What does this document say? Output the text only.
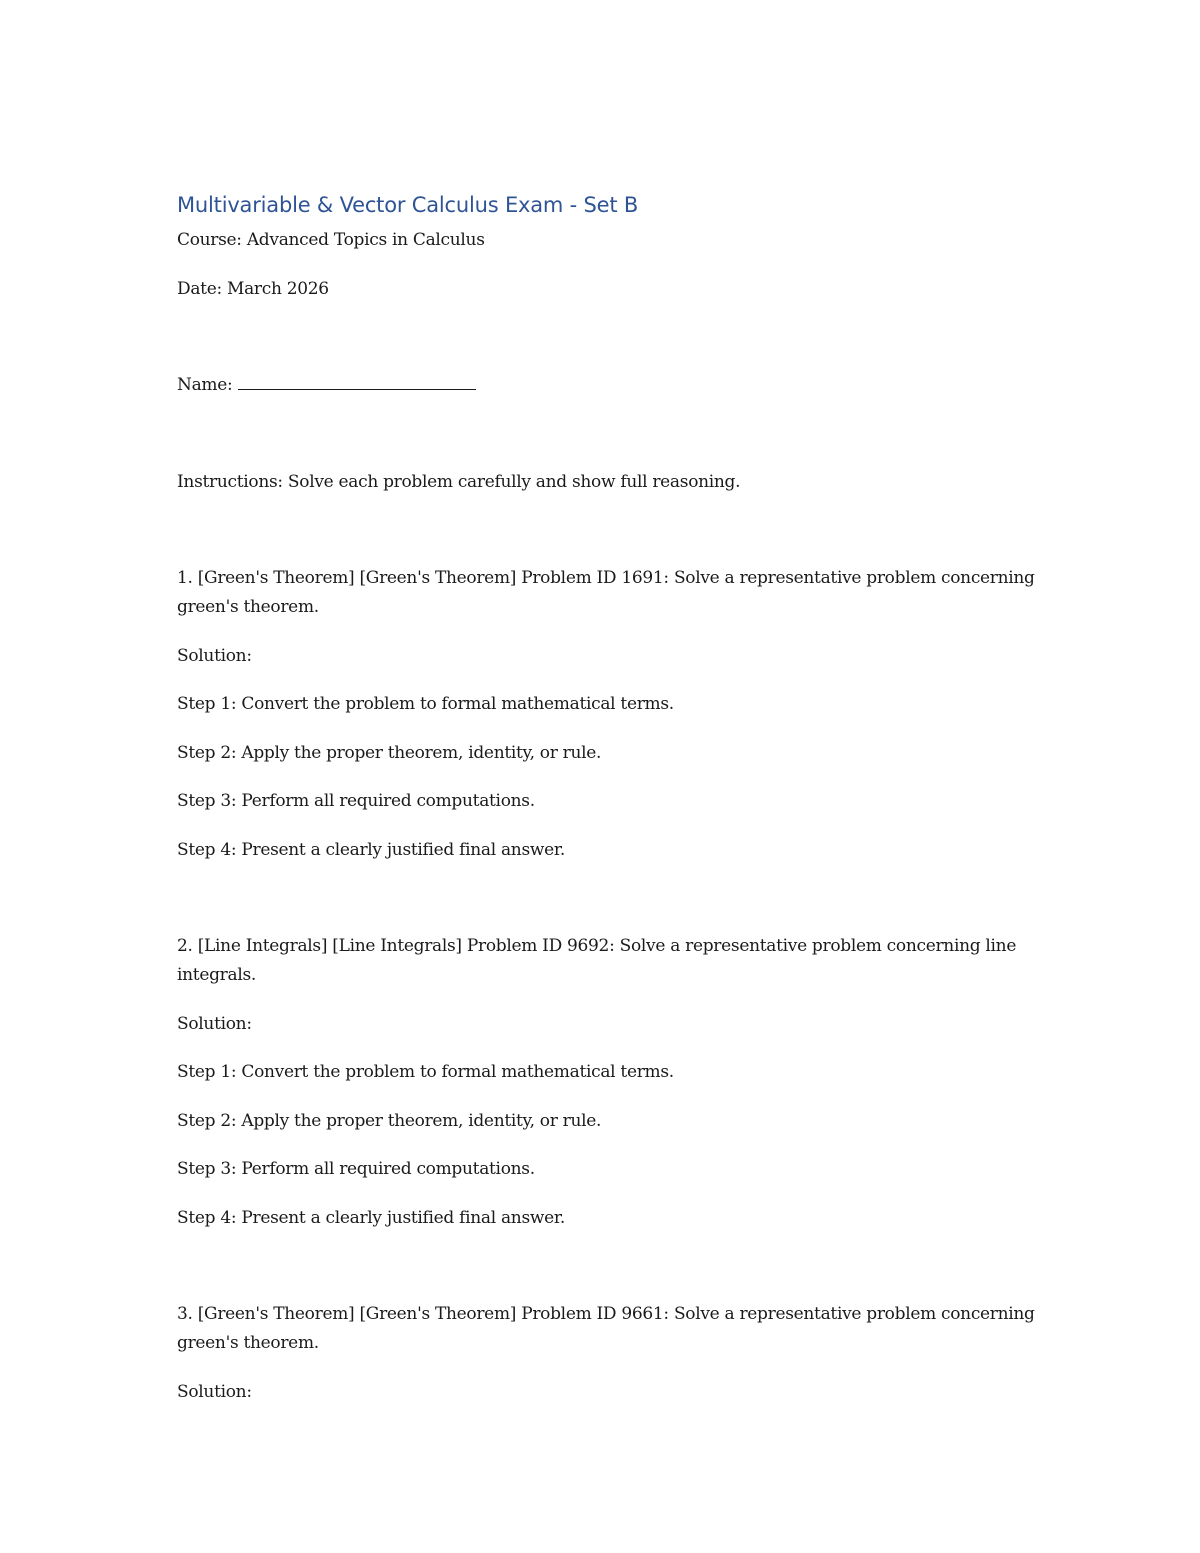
Multivariable & Vector Calculus Exam - Set B

Course: Advanced Topics in Calculus

Date: March 2026

Name:

Instructions: Solve each problem carefully and show full reasoning.

1. [Green's Theorem] [Green's Theorem] Problem ID 1691: Solve a representative problem concerning green's theorem.

Solution:

Step 1: Convert the problem to formal mathematical terms.

Step 2: Apply the proper theorem, identity, or rule.

Step 3: Perform all required computations.

Step 4: Present a clearly justified final answer.

2. [Line Integrals] [Line Integrals] Problem ID 9692: Solve a representative problem concerning line integrals.

Solution:

Step 1: Convert the problem to formal mathematical terms.

Step 2: Apply the proper theorem, identity, or rule.

Step 3: Perform all required computations.

Step 4: Present a clearly justified final answer.

3. [Green's Theorem] [Green's Theorem] Problem ID 9661: Solve a representative problem concerning green's theorem.

Solution:
